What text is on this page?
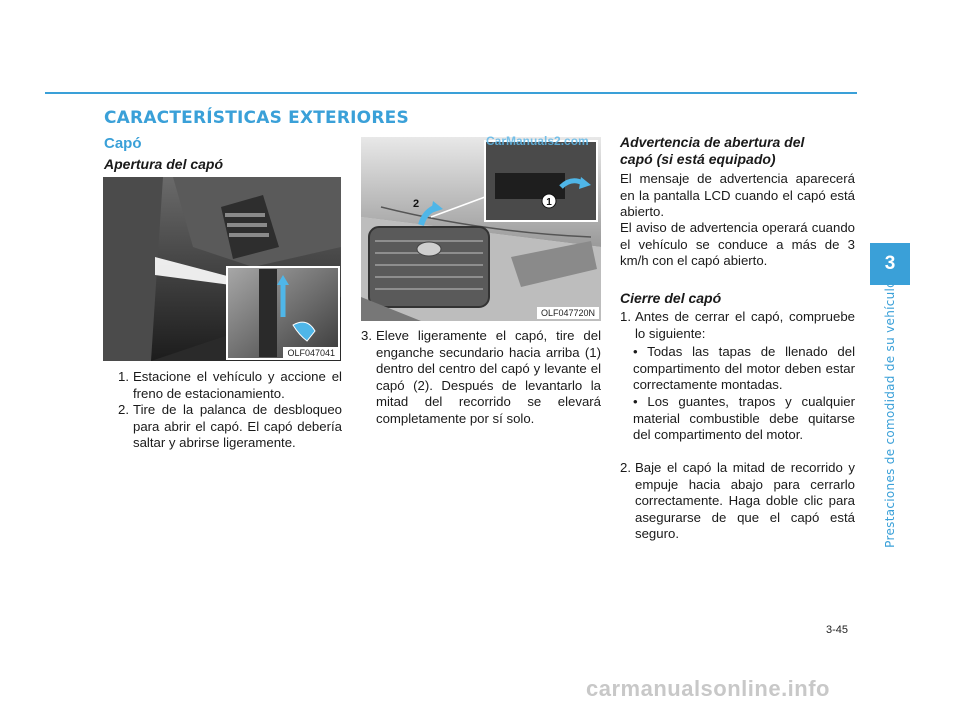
CARACTERÍSTICAS EXTERIORES
Capó
Apertura del capó
OLF047041
1. Estacione el vehículo y accione el freno de estacionamiento.
2. Tire de la palanca de desbloqueo para abrir el capó. El capó debería saltar y abrirse ligeramente.
1
2
OLF047720N
CarManuals2.com
3. Eleve ligeramente el capó, tire del enganche secundario hacia arriba (1) dentro del centro del capó y levante el capó (2). Después de levantarlo la mitad del recorrido se elevará completamente por sí solo.
Advertencia de abertura del
capó (si está equipado)
El mensaje de advertencia aparecerá en la pantalla LCD cuando el capó está abierto.
El aviso de advertencia operará cuando el vehículo se conduce a más de 3 km/h con el capó abierto.
Cierre del capó
1. Antes de cerrar el capó, compruebe lo siguiente:
• Todas las tapas de llenado del compartimento del motor deben estar correctamente montadas.
• Los guantes, trapos y cualquier material combustible debe quitarse del compartimento del motor.
2. Baje el capó la mitad de recorrido y empuje hacia abajo para cerrarlo correctamente. Haga doble clic para asegurarse de que el capó está seguro.
3
Prestaciones de comodidad de su vehículo
3-45
carmanualsonline.info
